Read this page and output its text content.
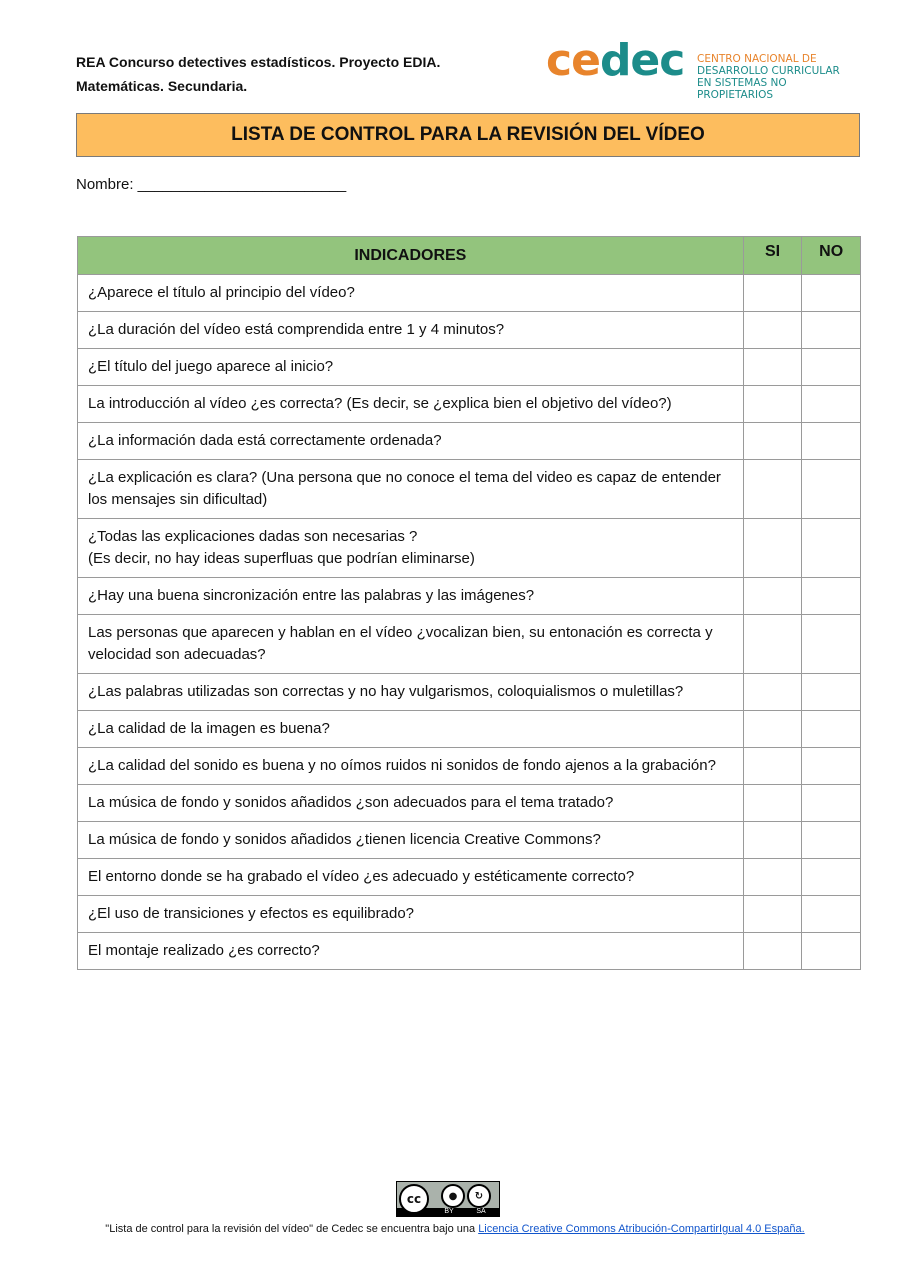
REA Concurso detectives estadísticos. Proyecto EDIA.
Matemáticas. Secundaria.	cedec CENTRO NACIONAL DE
DESARROLLO CURRICULAR
EN SISTEMAS NO PROPIETARIOS
LISTA DE CONTROL PARA LA REVISIÓN DEL VÍDEO
Nombre: _________________________
INDICADORES	SI	NO
¿Aparece el título al principio del vídeo?		
¿La duración del vídeo está comprendida entre 1 y 4 minutos?		
¿El título del juego aparece al inicio?		
La introducción al vídeo ¿es correcta? (Es decir, se ¿explica bien el objetivo del vídeo?)		
¿La información dada está correctamente ordenada?		
¿La explicación es clara? (Una persona que no conoce el tema del video es capaz de entender los mensajes sin dificultad)		
¿Todas las explicaciones dadas son necesarias ?
(Es decir, no hay ideas superfluas que podrían eliminarse)		
¿Hay una buena sincronización entre las palabras y las imágenes?		
Las personas que aparecen y hablan en el vídeo ¿vocalizan bien, su entonación es correcta y velocidad son adecuadas?		
¿Las palabras utilizadas son correctas y no hay vulgarismos, coloquialismos o muletillas?		
¿La calidad de la imagen es buena?		
¿La calidad del sonido es buena y no oímos ruidos ni sonidos de fondo ajenos a la grabación?		
La música de fondo y sonidos añadidos ¿son adecuados para el tema tratado?		
La música de fondo y sonidos añadidos ¿tienen licencia Creative Commons?		
El entorno donde se ha grabado el vídeo ¿es adecuado y estéticamente correcto?		
¿El uso de transiciones y efectos es equilibrado?		
El montaje realizado ¿es correcto?		
cc	●	↻
BY	SA
"Lista de control para la revisión del vídeo" de Cedec se encuentra bajo una Licencia Creative Commons Atribución-CompartirIgual 4.0 España.
